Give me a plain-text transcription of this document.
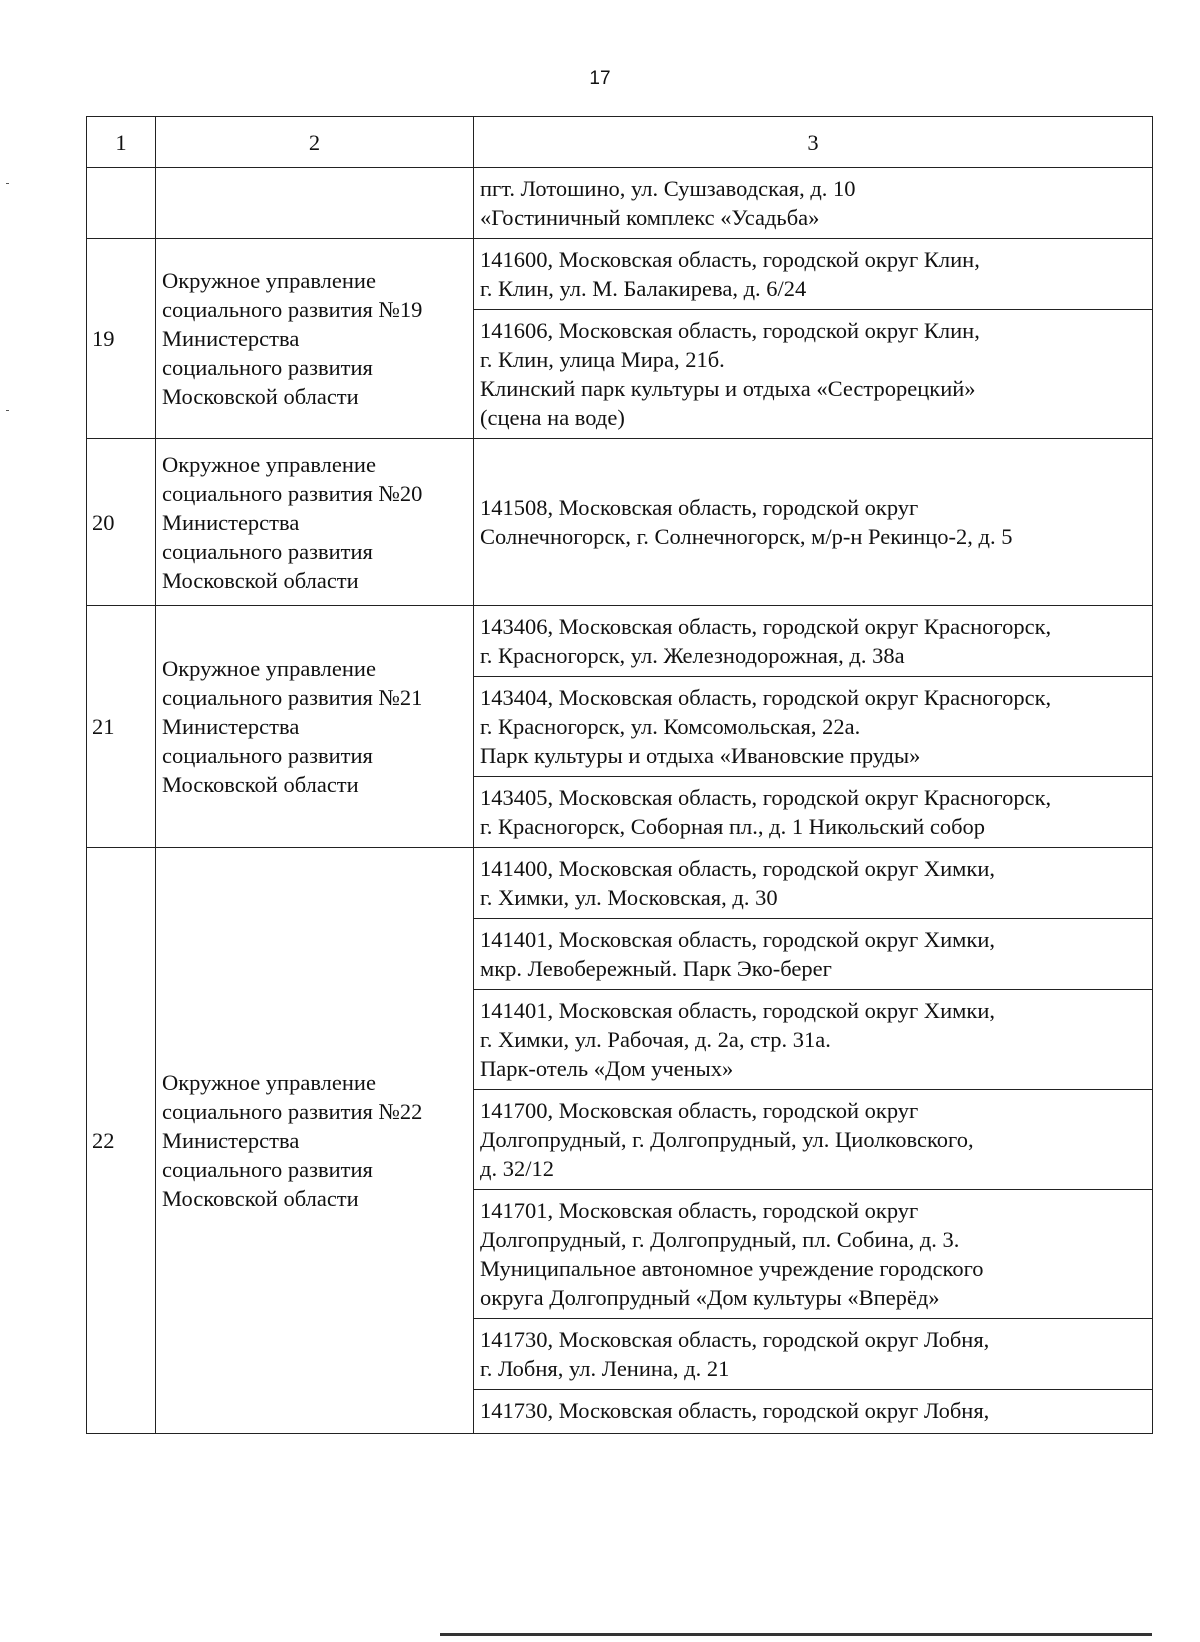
17
1	2	3

		пгт. Лотошино, ул. Сушзаводская, д. 10
«Гостиничный комплекс «Усадьба»

19	Окружное управление
социального развития №19
Министерства
социального развития
Московской области	141600, Московская область, городской округ Клин,
г. Клин, ул. М. Балакирева, д. 6/24

		141606, Московская область, городской округ Клин,
г. Клин, улица Мира, 21б.
Клинский парк культуры и отдыха «Сестрорецкий»
(сцена на воде)

20	Окружное управление
социального развития №20
Министерства
социального развития
Московской области	141508, Московская область, городской округ
Солнечногорск, г. Солнечногорск, м/р-н Рекинцо-2, д. 5

21	Окружное управление
социального развития №21
Министерства
социального развития
Московской области	143406, Московская область, городской округ Красногорск,
г. Красногорск, ул. Железнодорожная, д. 38а

		143404, Московская область, городской округ Красногорск,
г. Красногорск, ул. Комсомольская, 22а.
Парк культуры и отдыха «Ивановские пруды»

		143405, Московская область, городской округ Красногорск,
г. Красногорск, Соборная пл., д. 1 Никольский собор

22	Окружное управление
социального развития №22
Министерства
социального развития
Московской области	141400, Московская область, городской округ Химки,
г. Химки, ул. Московская, д. 30

		141401, Московская область, городской округ Химки,
мкр. Левобережный. Парк Эко-берег

		141401, Московская область, городской округ Химки,
г. Химки, ул. Рабочая, д. 2а, стр. 31а.
Парк-отель «Дом ученых»

		141700, Московская область, городской округ
Долгопрудный, г. Долгопрудный, ул. Циолковского,
д. 32/12

		141701, Московская область, городской округ
Долгопрудный, г. Долгопрудный, пл. Собина, д. 3.
Муниципальное автономное учреждение городского
округа Долгопрудный «Дом культуры «Вперёд»

		141730, Московская область, городской округ Лобня,
г. Лобня, ул. Ленина, д. 21

		141730, Московская область, городской округ Лобня,
